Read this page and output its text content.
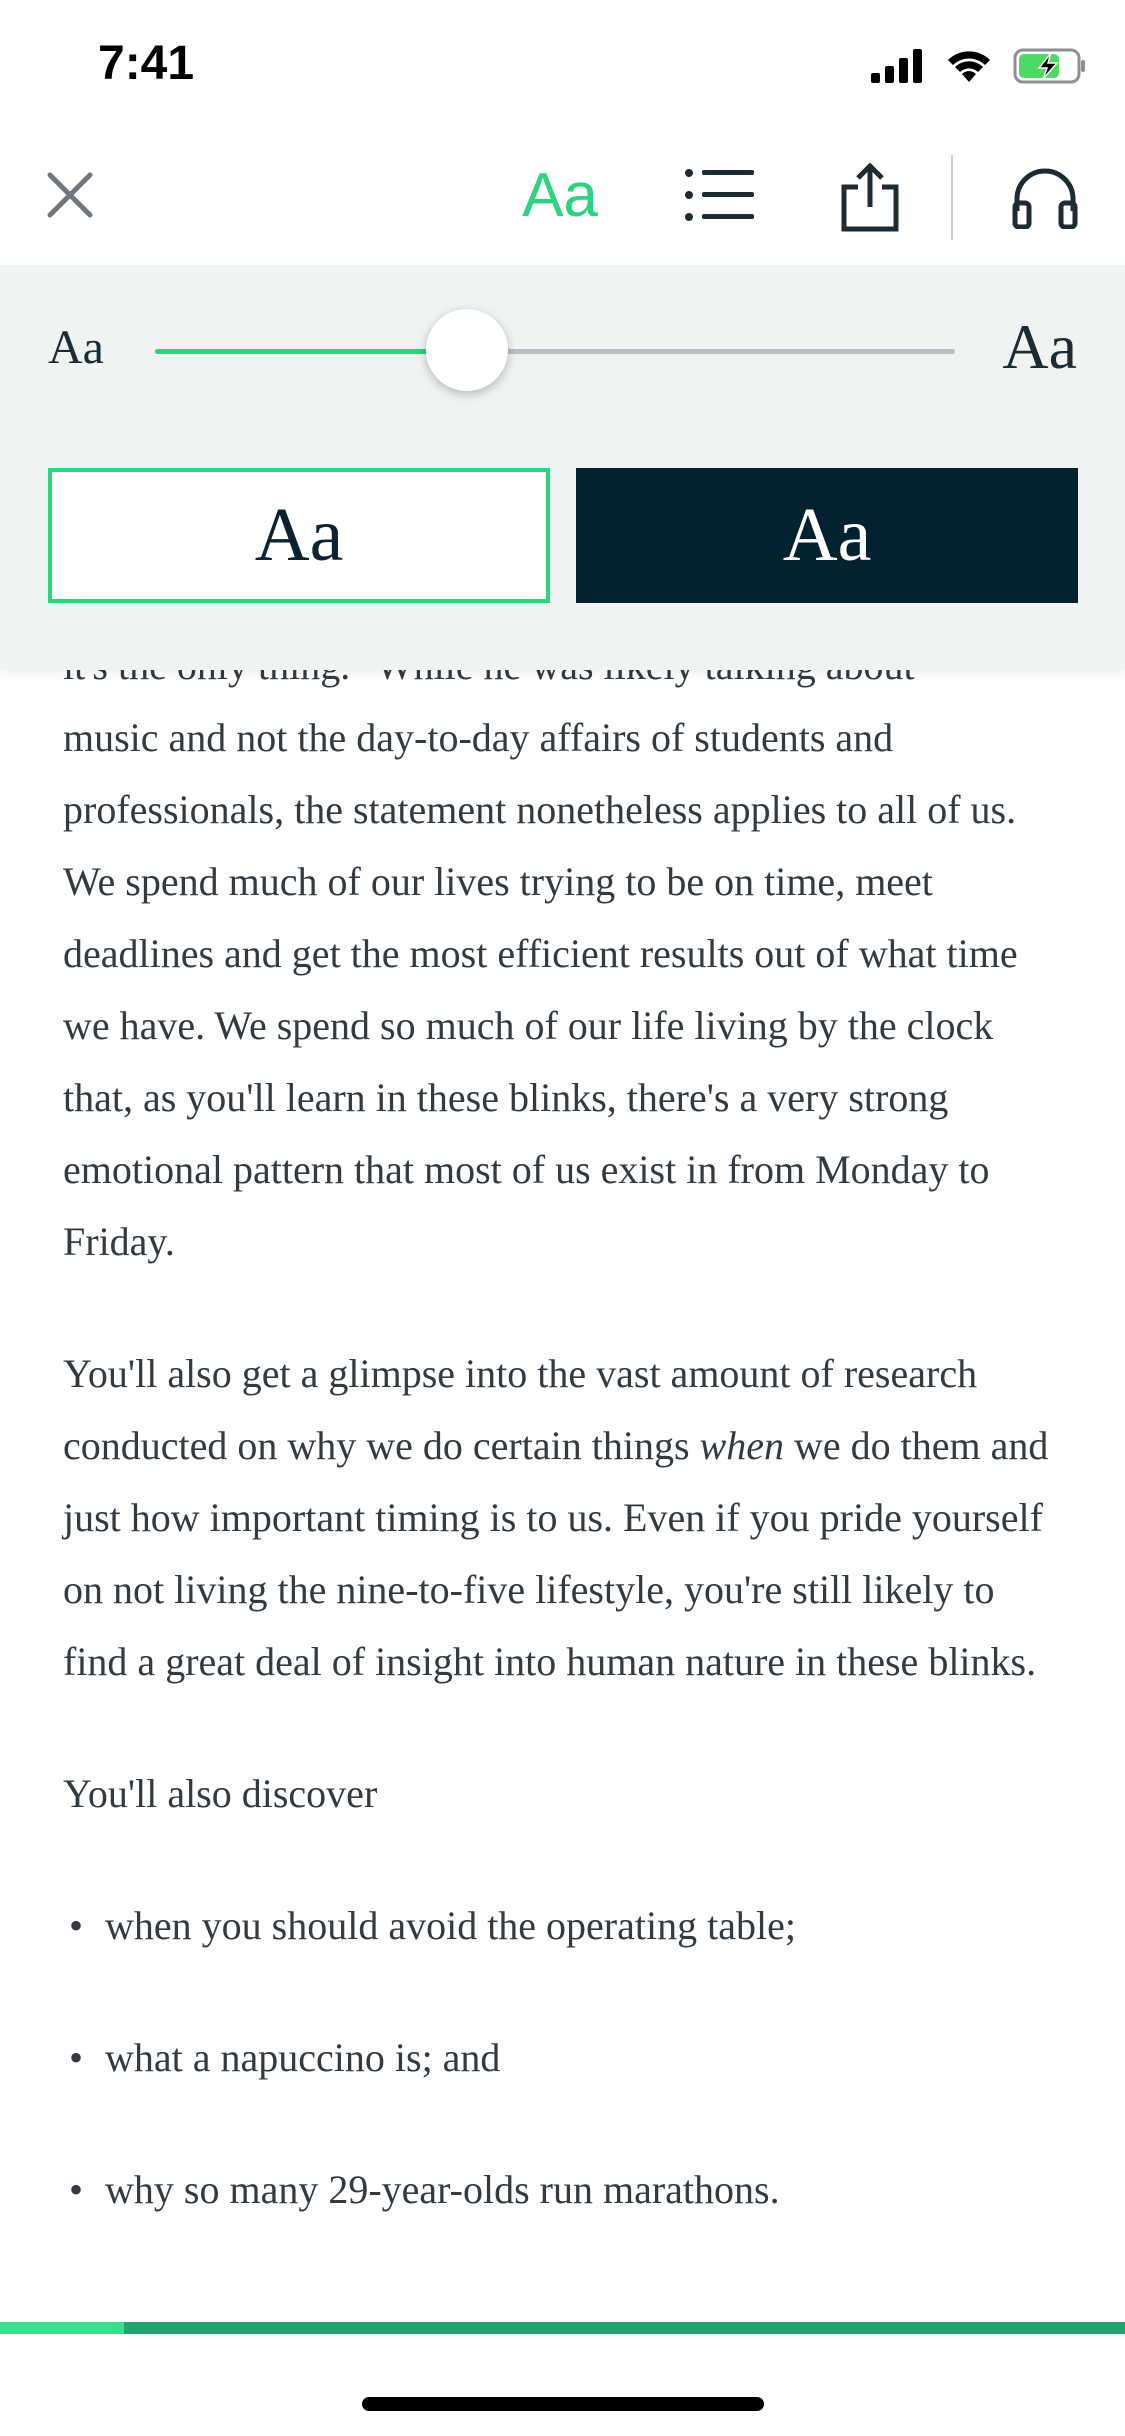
7:41
Aa
Aa	Aa
Aa	Aa

music and not the day-to-day affairs of students and professionals, the statement nonetheless applies to all of us. We spend much of our lives trying to be on time, meet deadlines and get the most efficient results out of what time we have. We spend so much of our life living by the clock that, as you'll learn in these blinks, there's a very strong emotional pattern that most of us exist in from Monday to Friday.

You'll also get a glimpse into the vast amount of research conducted on why we do certain things when we do them and just how important timing is to us. Even if you pride yourself on not living the nine-to-five lifestyle, you're still likely to find a great deal of insight into human nature in these blinks.

You'll also discover

• when you should avoid the operating table;
• what a napuccino is; and
• why so many 29-year-olds run marathons.
